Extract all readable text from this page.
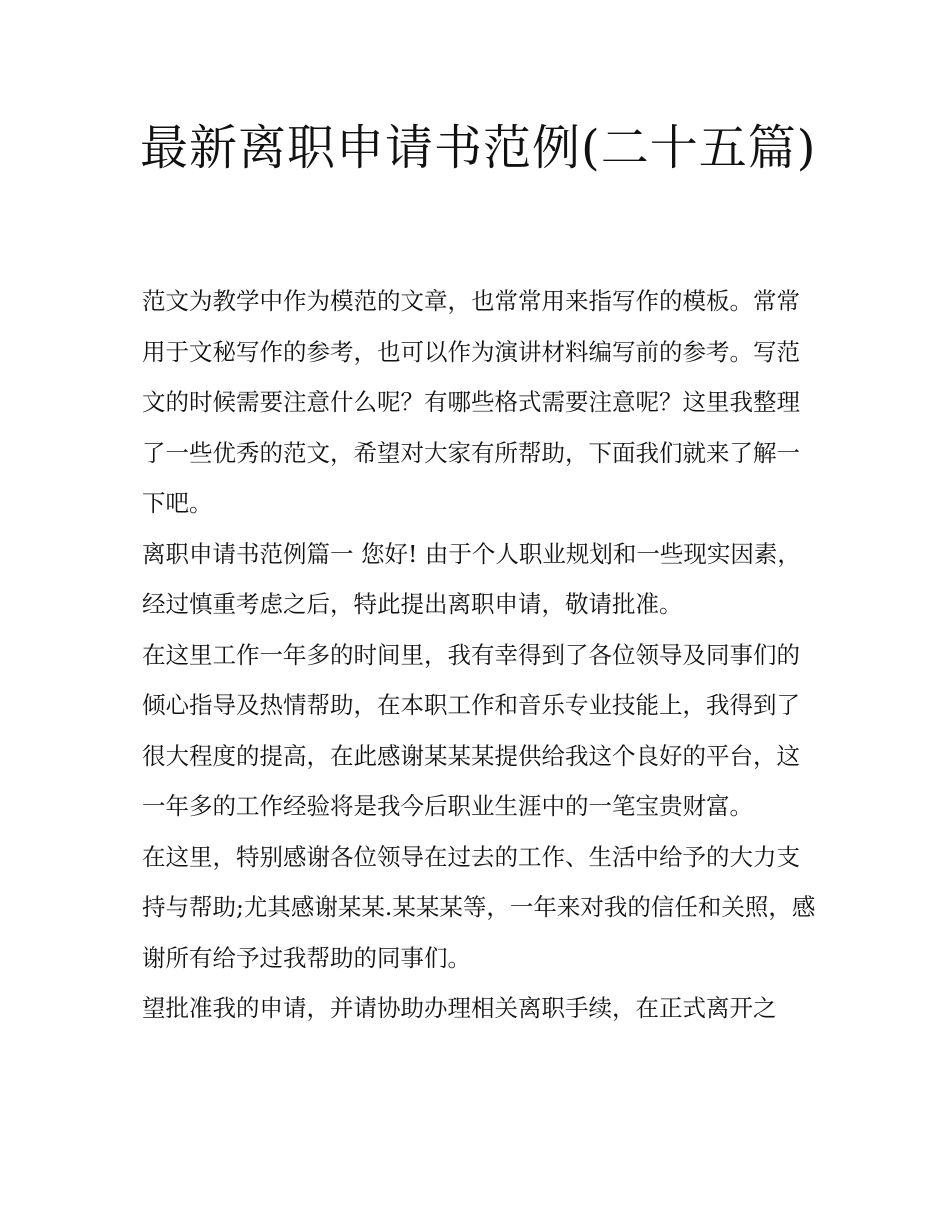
最新离职申请书范例(二十五篇)

范文为教学中作为模范的文章，也常常用来指写作的模板。常常用于文秘写作的参考，也可以作为演讲材料编写前的参考。写范文的时候需要注意什么呢？有哪些格式需要注意呢？这里我整理了一些优秀的范文，希望对大家有所帮助，下面我们就来了解一下吧。

离职申请书范例篇一 您好! 由于个人职业规划和一些现实因素，经过慎重考虑之后，特此提出离职申请，敬请批准。

在这里工作一年多的时间里，我有幸得到了各位领导及同事们的倾心指导及热情帮助，在本职工作和音乐专业技能上，我得到了很大程度的提高，在此感谢某某某提供给我这个良好的平台，这一年多的工作经验将是我今后职业生涯中的一笔宝贵财富。

在这里，特别感谢各位领导在过去的工作、生活中给予的大力支持与帮助;尤其感谢某某.某某某等，一年来对我的信任和关照，感谢所有给予过我帮助的同事们。

望批准我的申请，并请协助办理相关离职手续，在正式离开之
